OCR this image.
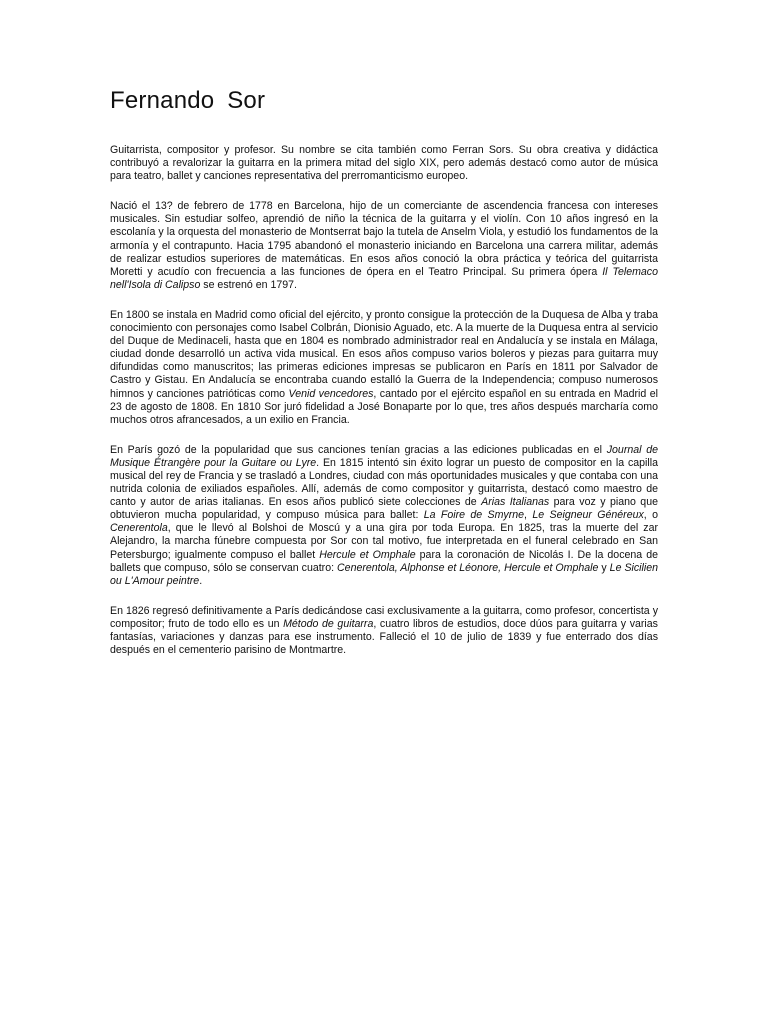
Fernando Sor

Guitarrista, compositor y profesor. Su nombre se cita también como Ferran Sors. Su obra creativa y didáctica contribuyó a revalorizar la guitarra en la primera mitad del siglo XIX, pero además destacó como autor de música para teatro, ballet y canciones representativa del prerromanticismo europeo.

Nació el 13? de febrero de 1778 en Barcelona, hijo de un comerciante de ascendencia francesa con intereses musicales. Sin estudiar solfeo, aprendió de niño la técnica de la guitarra y el violín. Con 10 años ingresó en la escolanía y la orquesta del monasterio de Montserrat bajo la tutela de Anselm Viola, y estudió los fundamentos de la armonía y el contrapunto. Hacia 1795 abandonó el monasterio iniciando en Barcelona una carrera militar, además de realizar estudios superiores de matemáticas. En esos años conoció la obra práctica y teórica del guitarrista Moretti y acudío con frecuencia a las funciones de ópera en el Teatro Principal. Su primera ópera Il Telemaco nell'Isola di Calipso se estrenó en 1797.

En 1800 se instala en Madrid como oficial del ejército, y pronto consigue la protección de la Duquesa de Alba y traba conocimiento con personajes como Isabel Colbrán, Dionisio Aguado, etc. A la muerte de la Duquesa entra al servicio del Duque de Medinaceli, hasta que en 1804 es nombrado administrador real en Andalucía y se instala en Málaga, ciudad donde desarrolló un activa vida musical. En esos años compuso varios boleros y piezas para guitarra muy difundidas como manuscritos; las primeras ediciones impresas se publicaron en París en 1811 por Salvador de Castro y Gistau. En Andalucía se encontraba cuando estalló la Guerra de la Independencia; compuso numerosos himnos y canciones patrióticas como Venid vencedores, cantado por el ejército español en su entrada en Madrid el 23 de agosto de 1808. En 1810 Sor juró fidelidad a José Bonaparte por lo que, tres años después marcharía como muchos otros afrancesados, a un exilio en Francia.

En París gozó de la popularidad que sus canciones tenían gracias a las ediciones publicadas en el Journal de Musique Étrangère pour la Guitare ou Lyre. En 1815 intentó sin éxito lograr un puesto de compositor en la capilla musical del rey de Francia y se trasladó a Londres, ciudad con más oportunidades musicales y que contaba con una nutrida colonia de exiliados españoles. Allí, además de como compositor y guitarrista, destacó como maestro de canto y autor de arias italianas. En esos años publicó siete colecciones de Arias Italianas para voz y piano que obtuvieron mucha popularidad, y compuso música para ballet: La Foire de Smyrne, Le Seigneur Généreux, o Cenerentola, que le llevó al Bolshoi de Moscú y a una gira por toda Europa. En 1825, tras la muerte del zar Alejandro, la marcha fúnebre compuesta por Sor con tal motivo, fue interpretada en el funeral celebrado en San Petersburgo; igualmente compuso el ballet Hercule et Omphale para la coronación de Nicolás I. De la docena de ballets que compuso, sólo se conservan cuatro: Cenerentola, Alphonse et Léonore, Hercule et Omphale y Le Sicilien ou L'Amour peintre.

En 1826 regresó definitivamente a París dedicándose casi exclusivamente a la guitarra, como profesor, concertista y compositor; fruto de todo ello es un Método de guitarra, cuatro libros de estudios, doce dúos para guitarra y varias fantasías, variaciones y danzas para ese instrumento. Falleció el 10 de julio de 1839 y fue enterrado dos días después en el cementerio parisino de Montmartre.
